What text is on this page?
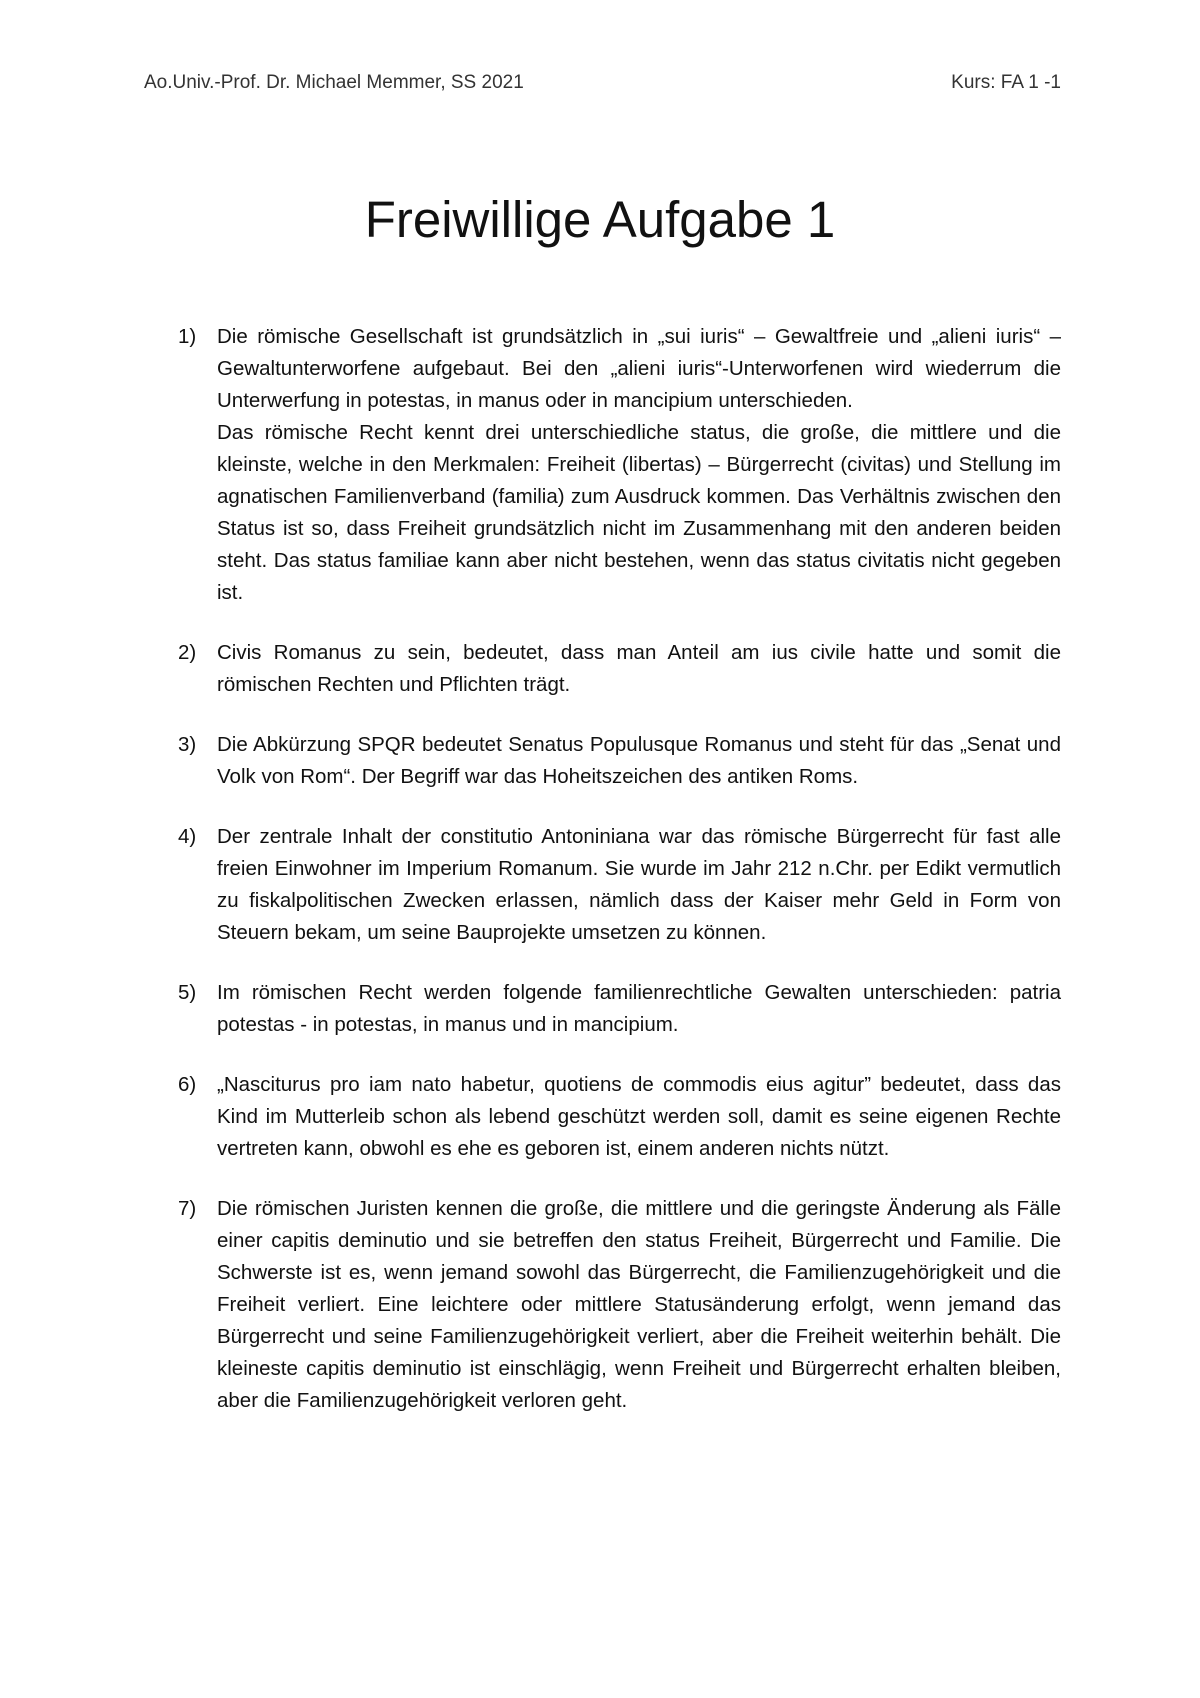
Ao.Univ.-Prof. Dr. Michael Memmer, SS 2021	Kurs: FA 1 -1
Freiwillige Aufgabe 1
1) Die römische Gesellschaft ist grundsätzlich in „sui iuris“ – Gewaltfreie und „alieni iuris“ – Gewaltunterworfene aufgebaut. Bei den „alieni iuris“-Unterworfenen wird wiederrum die Unterwerfung in potestas, in manus oder in mancipium unterschieden.

Das römische Recht kennt drei unterschiedliche status, die große, die mittlere und die kleinste, welche in den Merkmalen: Freiheit (libertas) – Bürgerrecht (civitas) und Stellung im agnatischen Familienverband (familia) zum Ausdruck kommen. Das Verhältnis zwischen den Status ist so, dass Freiheit grundsätzlich nicht im Zusammenhang mit den anderen beiden steht. Das status familiae kann aber nicht bestehen, wenn das status civitatis nicht gegeben ist.

2) Civis Romanus zu sein, bedeutet, dass man Anteil am ius civile hatte und somit die römischen Rechten und Pflichten trägt.

3) Die Abkürzung SPQR bedeutet Senatus Populusque Romanus und steht für das „Senat und Volk von Rom“. Der Begriff war das Hoheitszeichen des antiken Roms.

4) Der zentrale Inhalt der constitutio Antoniniana war das römische Bürgerrecht für fast alle freien Einwohner im Imperium Romanum. Sie wurde im Jahr 212 n.Chr. per Edikt vermutlich zu fiskalpolitischen Zwecken erlassen, nämlich dass der Kaiser mehr Geld in Form von Steuern bekam, um seine Bauprojekte umsetzen zu können.

5) Im römischen Recht werden folgende familienrechtliche Gewalten unterschieden: patria potestas - in potestas, in manus und in mancipium.

6) „Nasciturus pro iam nato habetur, quotiens de commodis eius agitur” bedeutet, dass das Kind im Mutterleib schon als lebend geschützt werden soll, damit es seine eigenen Rechte vertreten kann, obwohl es ehe es geboren ist, einem anderen nichts nützt.

7) Die römischen Juristen kennen die große, die mittlere und die geringste Änderung als Fälle einer capitis deminutio und sie betreffen den status Freiheit, Bürgerrecht und Familie. Die Schwerste ist es, wenn jemand sowohl das Bürgerrecht, die Familienzugehörigkeit und die Freiheit verliert. Eine leichtere oder mittlere Statusänderung erfolgt, wenn jemand das Bürgerrecht und seine Familienzugehörigkeit verliert, aber die Freiheit weiterhin behält. Die kleineste capitis deminutio ist einschlägig, wenn Freiheit und Bürgerrecht erhalten bleiben, aber die Familienzugehörigkeit verloren geht.
